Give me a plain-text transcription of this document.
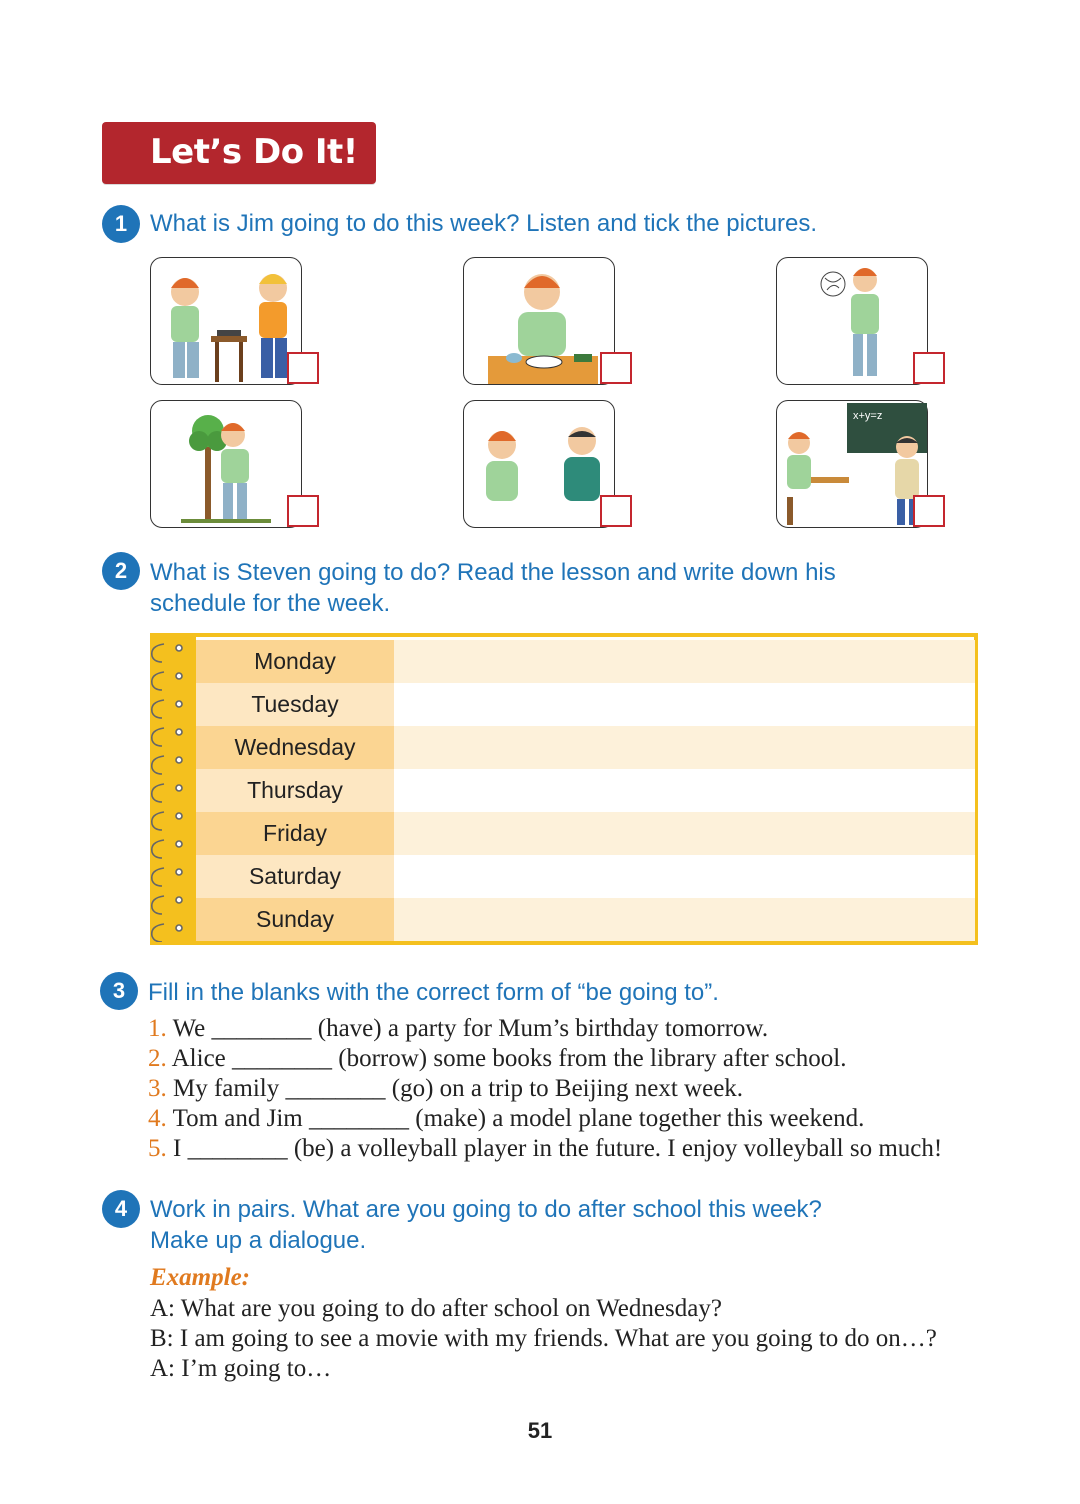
Let’s Do It!
1 What is Jim going to do this week? Listen and tick the pictures.
x+y=z
2 What is Steven going to do? Read the lesson and write down his
schedule for the week.
Monday
Tuesday
Wednesday
Thursday
Friday
Saturday
Sunday
3 Fill in the blanks with the correct form of “be going to”.
1. We ________ (have) a party for Mum’s birthday tomorrow.
2. Alice ________ (borrow) some books from the library after school.
3. My family ________ (go) on a trip to Beijing next week.
4. Tom and Jim ________ (make) a model plane together this weekend.
5. I ________ (be) a volleyball player in the future. I enjoy volleyball so much!
4 Work in pairs. What are you going to do after school this week?
Make up a dialogue.
Example:
A: What are you going to do after school on Wednesday?
B: I am going to see a movie with my friends. What are you going to do on…?
A: I’m going to…
51
